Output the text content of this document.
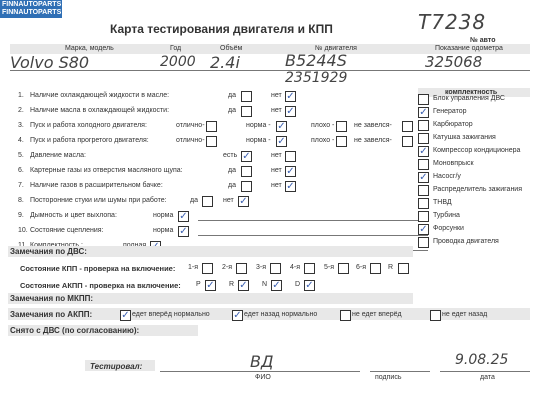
FINNAUTOPARTS
FINNAUTOPARTS
Карта тестирования двигателя и КПП	T7238
№ авто
Марка, модель	Год	Объём	№ двигателя	Показание одометра
Volvo S80	2000 2.4i	B5244S	325068
2351929
комплектность
1. Наличие охлаждающей жидкости в масле:	да	нет ✓
2. Наличие масла в охлаждающей жидкости:	да	нет ✓
3. Пуск и работа холодного двигателя:	отлично-	норма - ✓	плохо -	не завелся-
4. Пуск и работа прогретого двигателя:	отлично-	норма - ✓	плохо -	не завелся-
5. Давление масла:	есть ✓	нет
6. Картерные газы из отверстия масляного щупа:	да	нет ✓
7. Наличие газов в расширительном бачке:	да	нет ✓
8. Посторонние стуки или шумы при работе:	да	нет ✓
9. Дымность и цвет выхлопа:	норма ✓
10. Состояние сцепления:	норма ✓
Блок управления ДВС
✓ Генератор
Карбюратор
Катушка зажигания
✓ Компрессор кондиционера
Моновпрыск
✓ Насосг/у
Распределитель зажигания
ТНВД
Турбина
✓ Форсунки
Проводка двигателя
Замечания по ДВС:
Состояние КПП - проверка на включение: 1-я	2-я	3-я	4-я	5-я	6-я	R
Состояние АКПП - проверка на включение: P ✓ R ✓ N ✓ D ✓
Замечания по МКПП:
Замечания по АКПП:	✓ едет вперёд нормально ✓ едет назад нормально	не едет вперёд	не едет назад
Снято с ДВС (по согласованию):
Тестировал:	ВД	9.08.25
ФИО	подпись	дата
